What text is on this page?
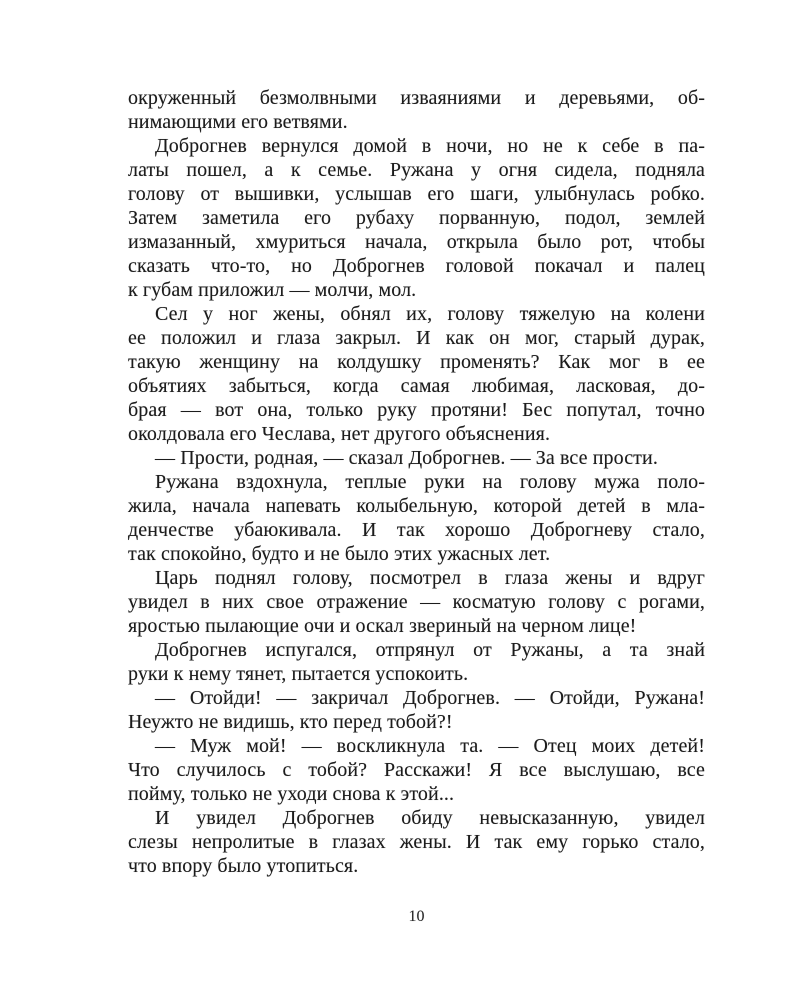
окруженный безмолвными изваяниями и деревьями, об-
нимающими его ветвями.
Доброгнев вернулся домой в ночи, но не к себе в па-
латы пошел, а к семье. Ружана у огня сидела, подняла
голову от вышивки, услышав его шаги, улыбнулась робко.
Затем заметила его рубаху порванную, подол, землей
измазанный, хмуриться начала, открыла было рот, чтобы
сказать что-то, но Доброгнев головой покачал и палец
к губам приложил — молчи, мол.
Сел у ног жены, обнял их, голову тяжелую на колени
ее положил и глаза закрыл. И как он мог, старый дурак,
такую женщину на колдушку променять? Как мог в ее
объятиях забыться, когда самая любимая, ласковая, до-
брая — вот она, только руку протяни! Бес попутал, точно
околдовала его Чеслава, нет другого объяснения.
— Прости, родная, — сказал Доброгнев. — За все прости.
Ружана вздохнула, теплые руки на голову мужа поло-
жила, начала напевать колыбельную, которой детей в мла-
денчестве убаюкивала. И так хорошо Доброгневу стало,
так спокойно, будто и не было этих ужасных лет.
Царь поднял голову, посмотрел в глаза жены и вдруг
увидел в них свое отражение — косматую голову с рогами,
яростью пылающие очи и оскал звериный на черном лице!
Доброгнев испугался, отпрянул от Ружаны, а та знай
руки к нему тянет, пытается успокоить.
— Отойди! — закричал Доброгнев. — Отойди, Ружана!
Неужто не видишь, кто перед тобой?!
— Муж мой! — воскликнула та. — Отец моих детей!
Что случилось с тобой? Расскажи! Я все выслушаю, все
пойму, только не уходи снова к этой...
И увидел Доброгнев обиду невысказанную, увидел
слезы непролитые в глазах жены. И так ему горько стало,
что впору было утопиться.
10
